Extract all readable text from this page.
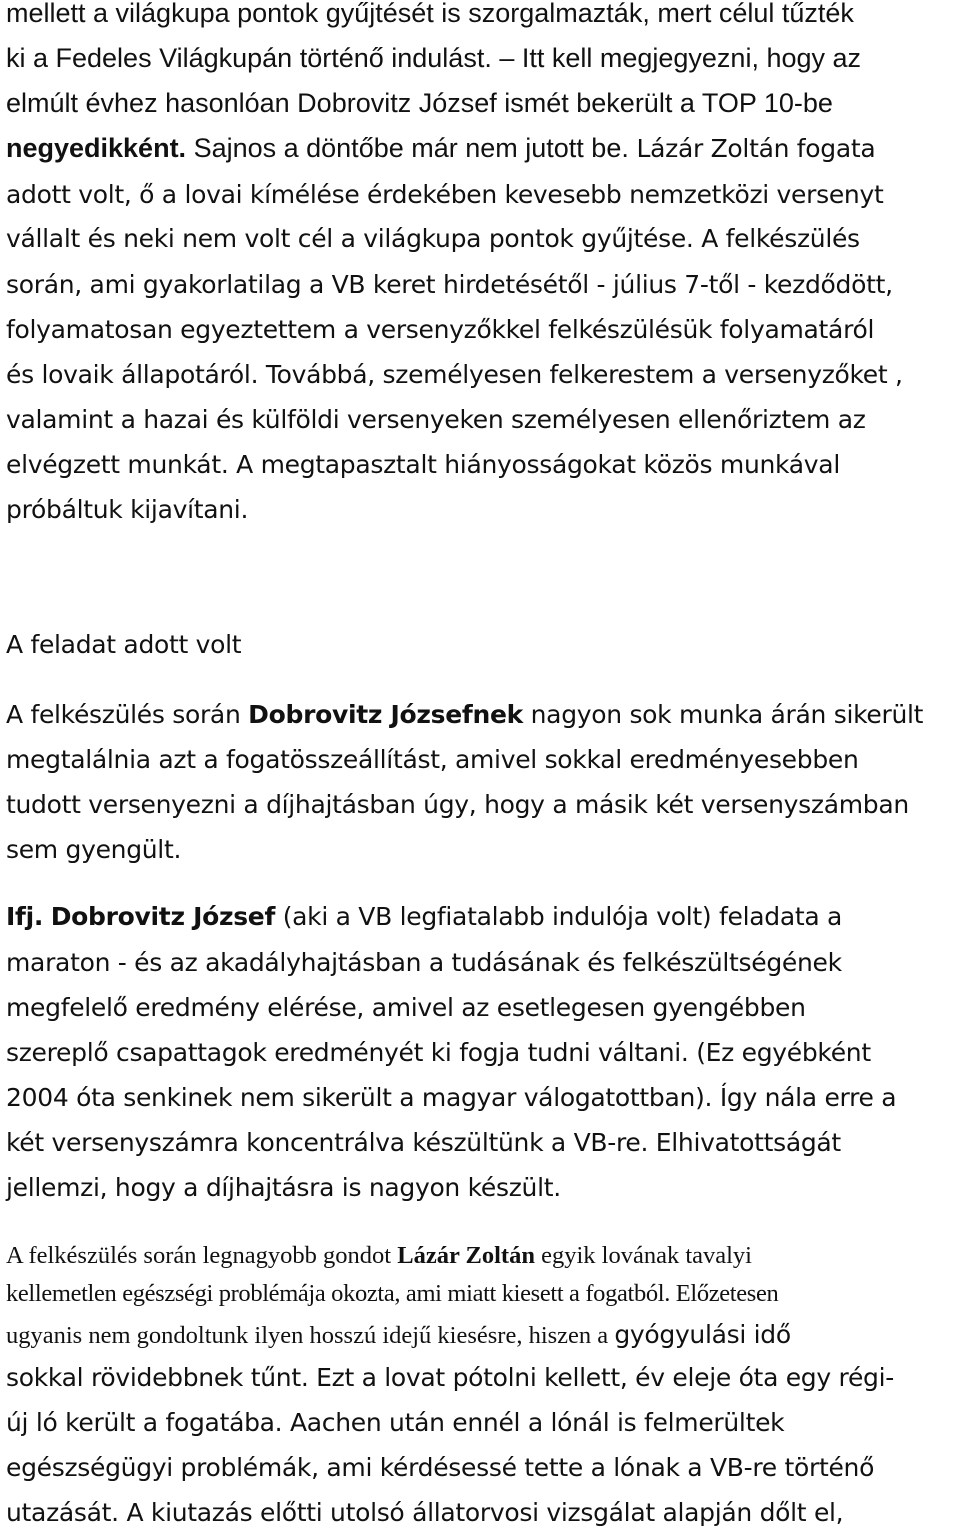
mellett a világkupa pontok gyűjtését is szorgalmazták, mert célul tűzték
ki a Fedeles Világkupán történő indulást. – Itt kell megjegyezni, hogy az
elmúlt évhez hasonlóan Dobrovitz József ismét bekerült a TOP 10-be
negyedikként. Sajnos a döntőbe már nem jutott be. Lázár Zoltán fogata
adott volt, ő a lovai kímélése érdekében kevesebb nemzetközi versenyt
vállalt és neki nem volt cél a világkupa pontok gyűjtése. A felkészülés
során, ami gyakorlatilag a VB keret hirdetésétől - július 7-től - kezdődött,
folyamatosan egyeztettem a versenyzőkkel felkészülésük folyamatáról
és lovaik állapotáról. Továbbá, személyesen felkerestem a versenyzőket ,
valamint a hazai és külföldi versenyeken személyesen ellenőriztem az
elvégzett munkát. A megtapasztalt hiányosságokat közös munkával
próbáltuk kijavítani.
A feladat adott volt
A felkészülés során Dobrovitz Józsefnek nagyon sok munka árán sikerült
megtalálnia azt a fogatösszeállítást, amivel sokkal eredményesebben
tudott versenyezni a díjhajtásban úgy, hogy a másik két versenyszámban
sem gyengült.
Ifj. Dobrovitz József (aki a VB legfiatalabb indulója volt) feladata a
maraton - és az akadályhajtásban a tudásának és felkészültségének
megfelelő eredmény elérése, amivel az esetlegesen gyengébben
szereplő csapattagok eredményét ki fogja tudni váltani. (Ez egyébként
2004 óta senkinek nem sikerült a magyar válogatottban). Így nála erre a
két versenyszámra koncentrálva készültünk a VB-re. Elhivatottságát
jellemzi, hogy a díjhajtásra is nagyon készült.
A felkészülés során legnagyobb gondot Lázár Zoltán egyik lovának tavalyi
kellemetlen egészségi problémája okozta, ami miatt kiesett a fogatból. Előzetesen
ugyanis nem gondoltunk ilyen hosszú idejű kiesésre, hiszen a gyógyulási idő
sokkal rövidebbnek tűnt. Ezt a lovat pótolni kellett, év eleje óta egy régi-
új ló került a fogatába. Aachen után ennél a lónál is felmerültek
egészségügyi problémák, ami kérdésessé tette a lónak a VB-re történő
utazását. A kiutazás előtti utolsó állatorvosi vizsgálat alapján dőlt el,
